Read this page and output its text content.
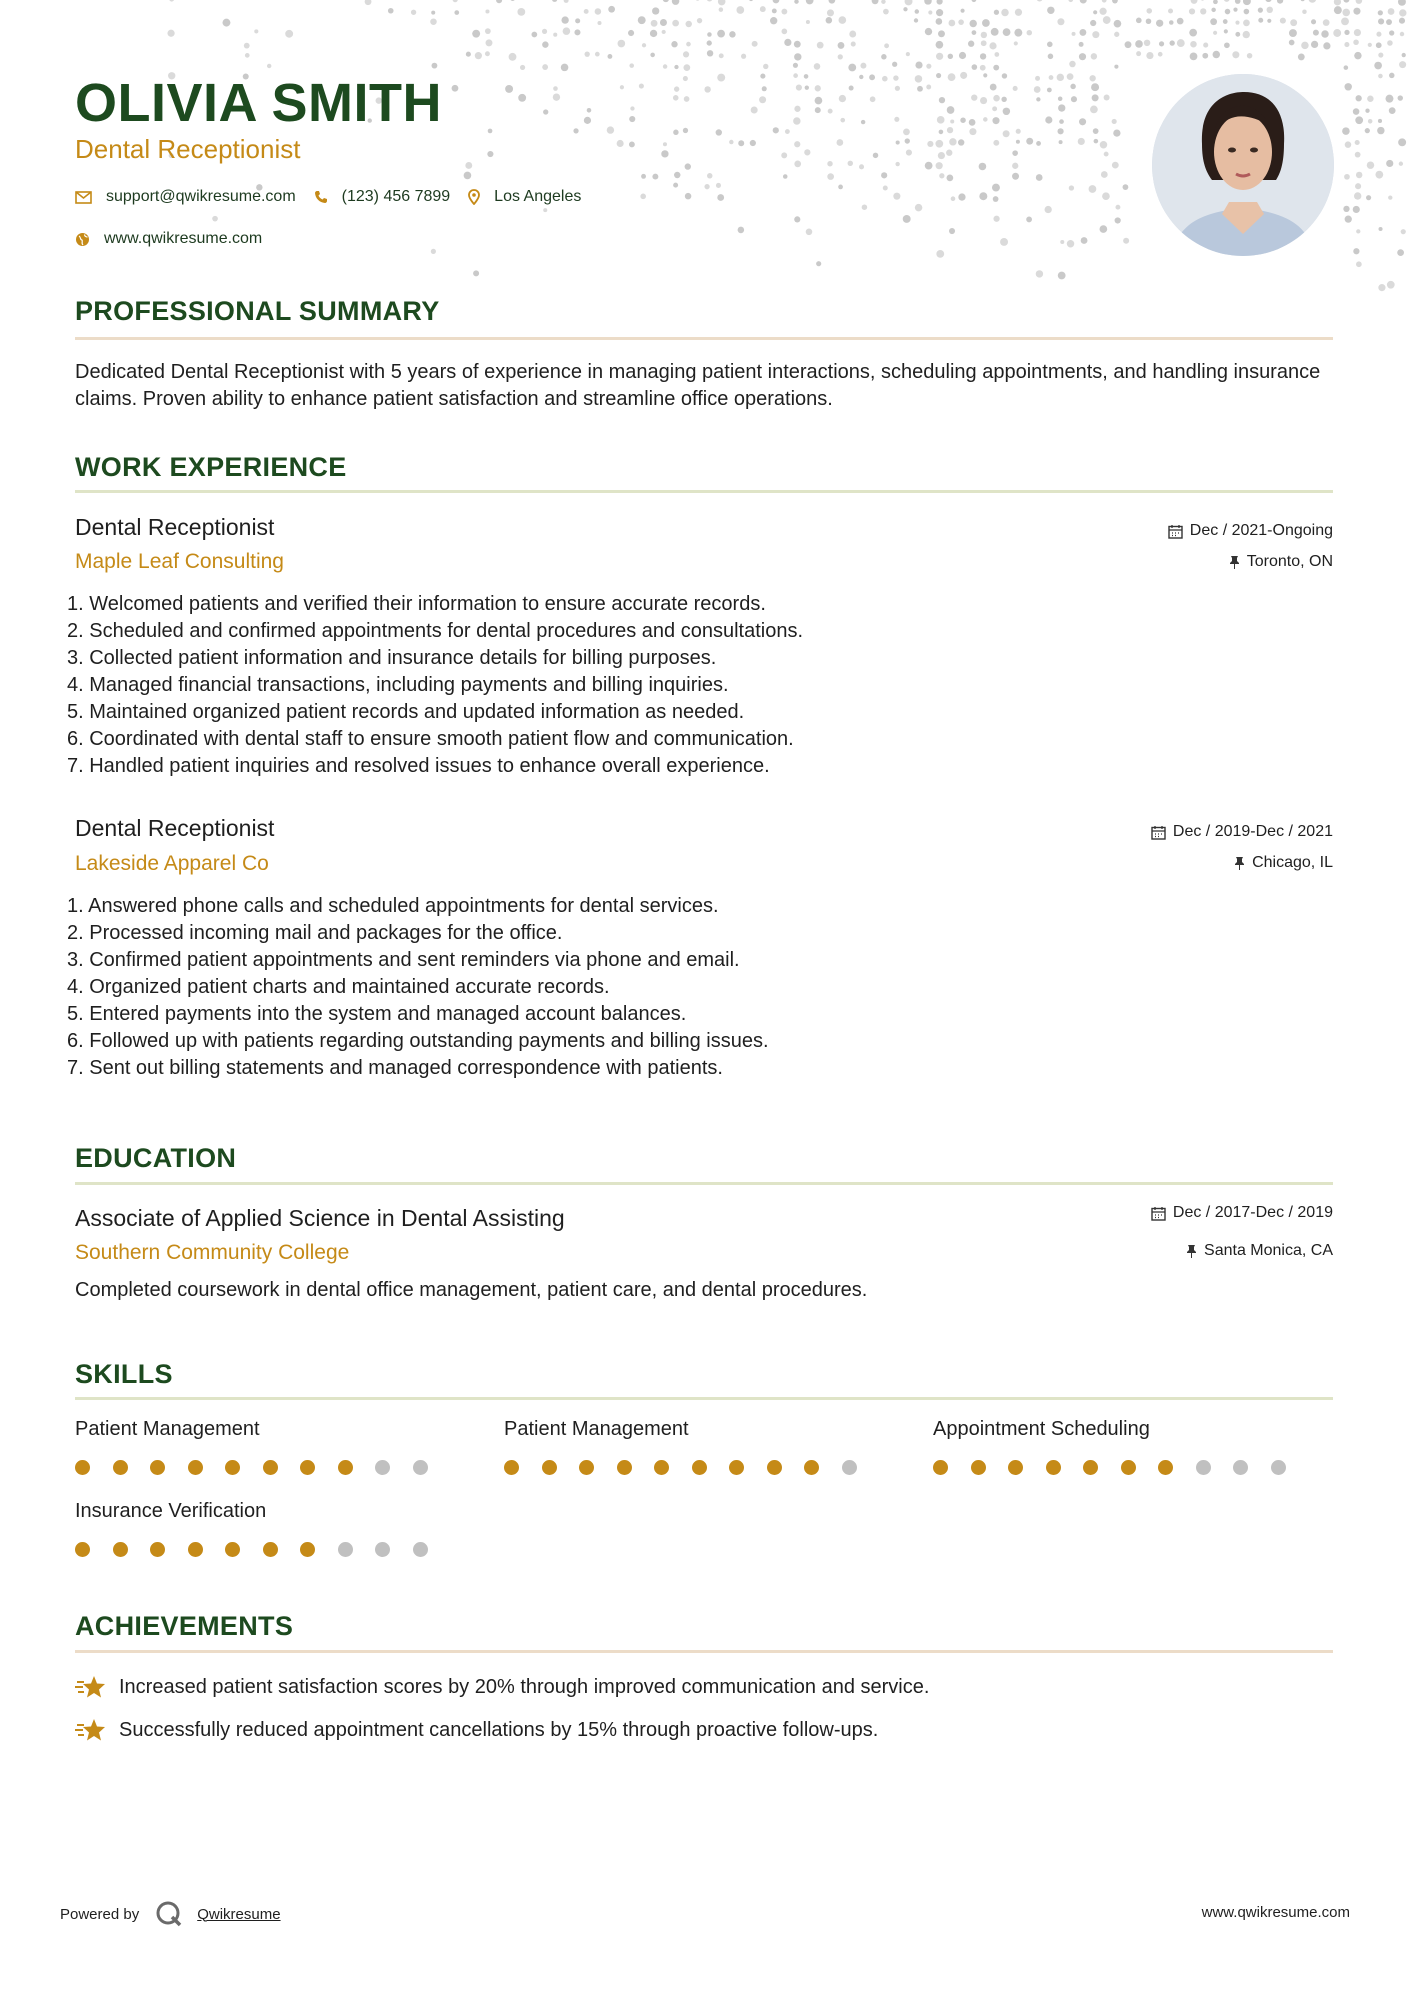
OLIVIA SMITH
Dental Receptionist
support@qwikresume.com	(123) 456 7899	Los Angeles
www.qwikresume.com
PROFESSIONAL SUMMARY
Dedicated Dental Receptionist with 5 years of experience in managing patient interactions, scheduling appointments, and handling insurance claims. Proven ability to enhance patient satisfaction and streamline office operations.
WORK EXPERIENCE
Dental Receptionist
Maple Leaf Consulting
Dec / 2021-Ongoing
Toronto, ON
1. Welcomed patients and verified their information to ensure accurate records.
2. Scheduled and confirmed appointments for dental procedures and consultations.
3. Collected patient information and insurance details for billing purposes.
4. Managed financial transactions, including payments and billing inquiries.
5. Maintained organized patient records and updated information as needed.
6. Coordinated with dental staff to ensure smooth patient flow and communication.
7. Handled patient inquiries and resolved issues to enhance overall experience.
Dental Receptionist
Lakeside Apparel Co
Dec / 2019-Dec / 2021
Chicago, IL
1. Answered phone calls and scheduled appointments for dental services.
2. Processed incoming mail and packages for the office.
3. Confirmed patient appointments and sent reminders via phone and email.
4. Organized patient charts and maintained accurate records.
5. Entered payments into the system and managed account balances.
6. Followed up with patients regarding outstanding payments and billing issues.
7. Sent out billing statements and managed correspondence with patients.
EDUCATION
Associate of Applied Science in Dental Assisting
Southern Community College
Dec / 2017-Dec / 2019
Santa Monica, CA
Completed coursework in dental office management, patient care, and dental procedures.
SKILLS
Patient Management	Patient Management	Appointment Scheduling
Insurance Verification
ACHIEVEMENTS
Increased patient satisfaction scores by 20% through improved communication and service.
Successfully reduced appointment cancellations by 15% through proactive follow-ups.
Powered by	Qwikresume	www.qwikresume.com
